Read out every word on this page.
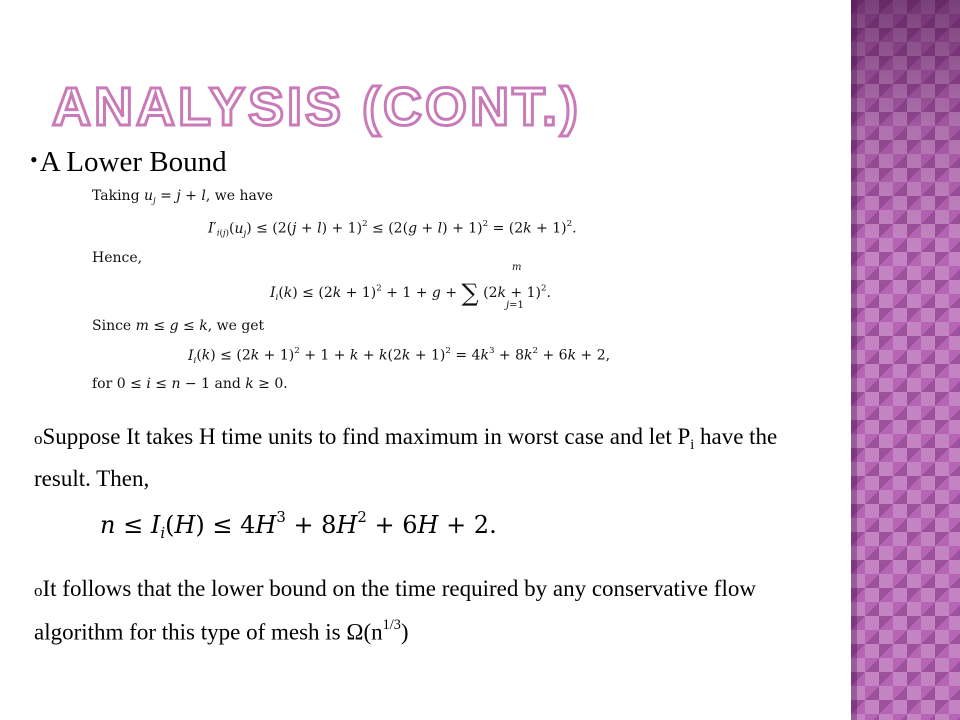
ANALYSIS (CONT.)
•A Lower Bound
Taking $u_j = j + l$, we have
$I'_{i(j)}(u_j) \le (2(j + l) + 1)^2 \le (2(g + l) + 1)^2 = (2k + 1)^2$.
Hence,
$I_i(k) \le (2k + 1)^2 + 1 + g$ + ∑ $(2k + 1)^2$.
m
j=1
Since m ≤ g ≤ k, we get
$I_i(k) \le (2k + 1)^2 + 1 + k + k(2k + 1)^2 = 4k^3 + 8k^2 + 6k + 2$,
for 0 ≤ i ≤ n − 1 and k ≥ 0.
oSuppose It takes H time units to find maximum in worst case and let $P_i$ have the result. Then,
$n \le I_i(H) \le 4H^3 + 8H^2 + 6H + 2$.
oIt follows that the lower bound on the time required by any conservative flow algorithm for this type of mesh is $\Omega(n^{1/3})$
